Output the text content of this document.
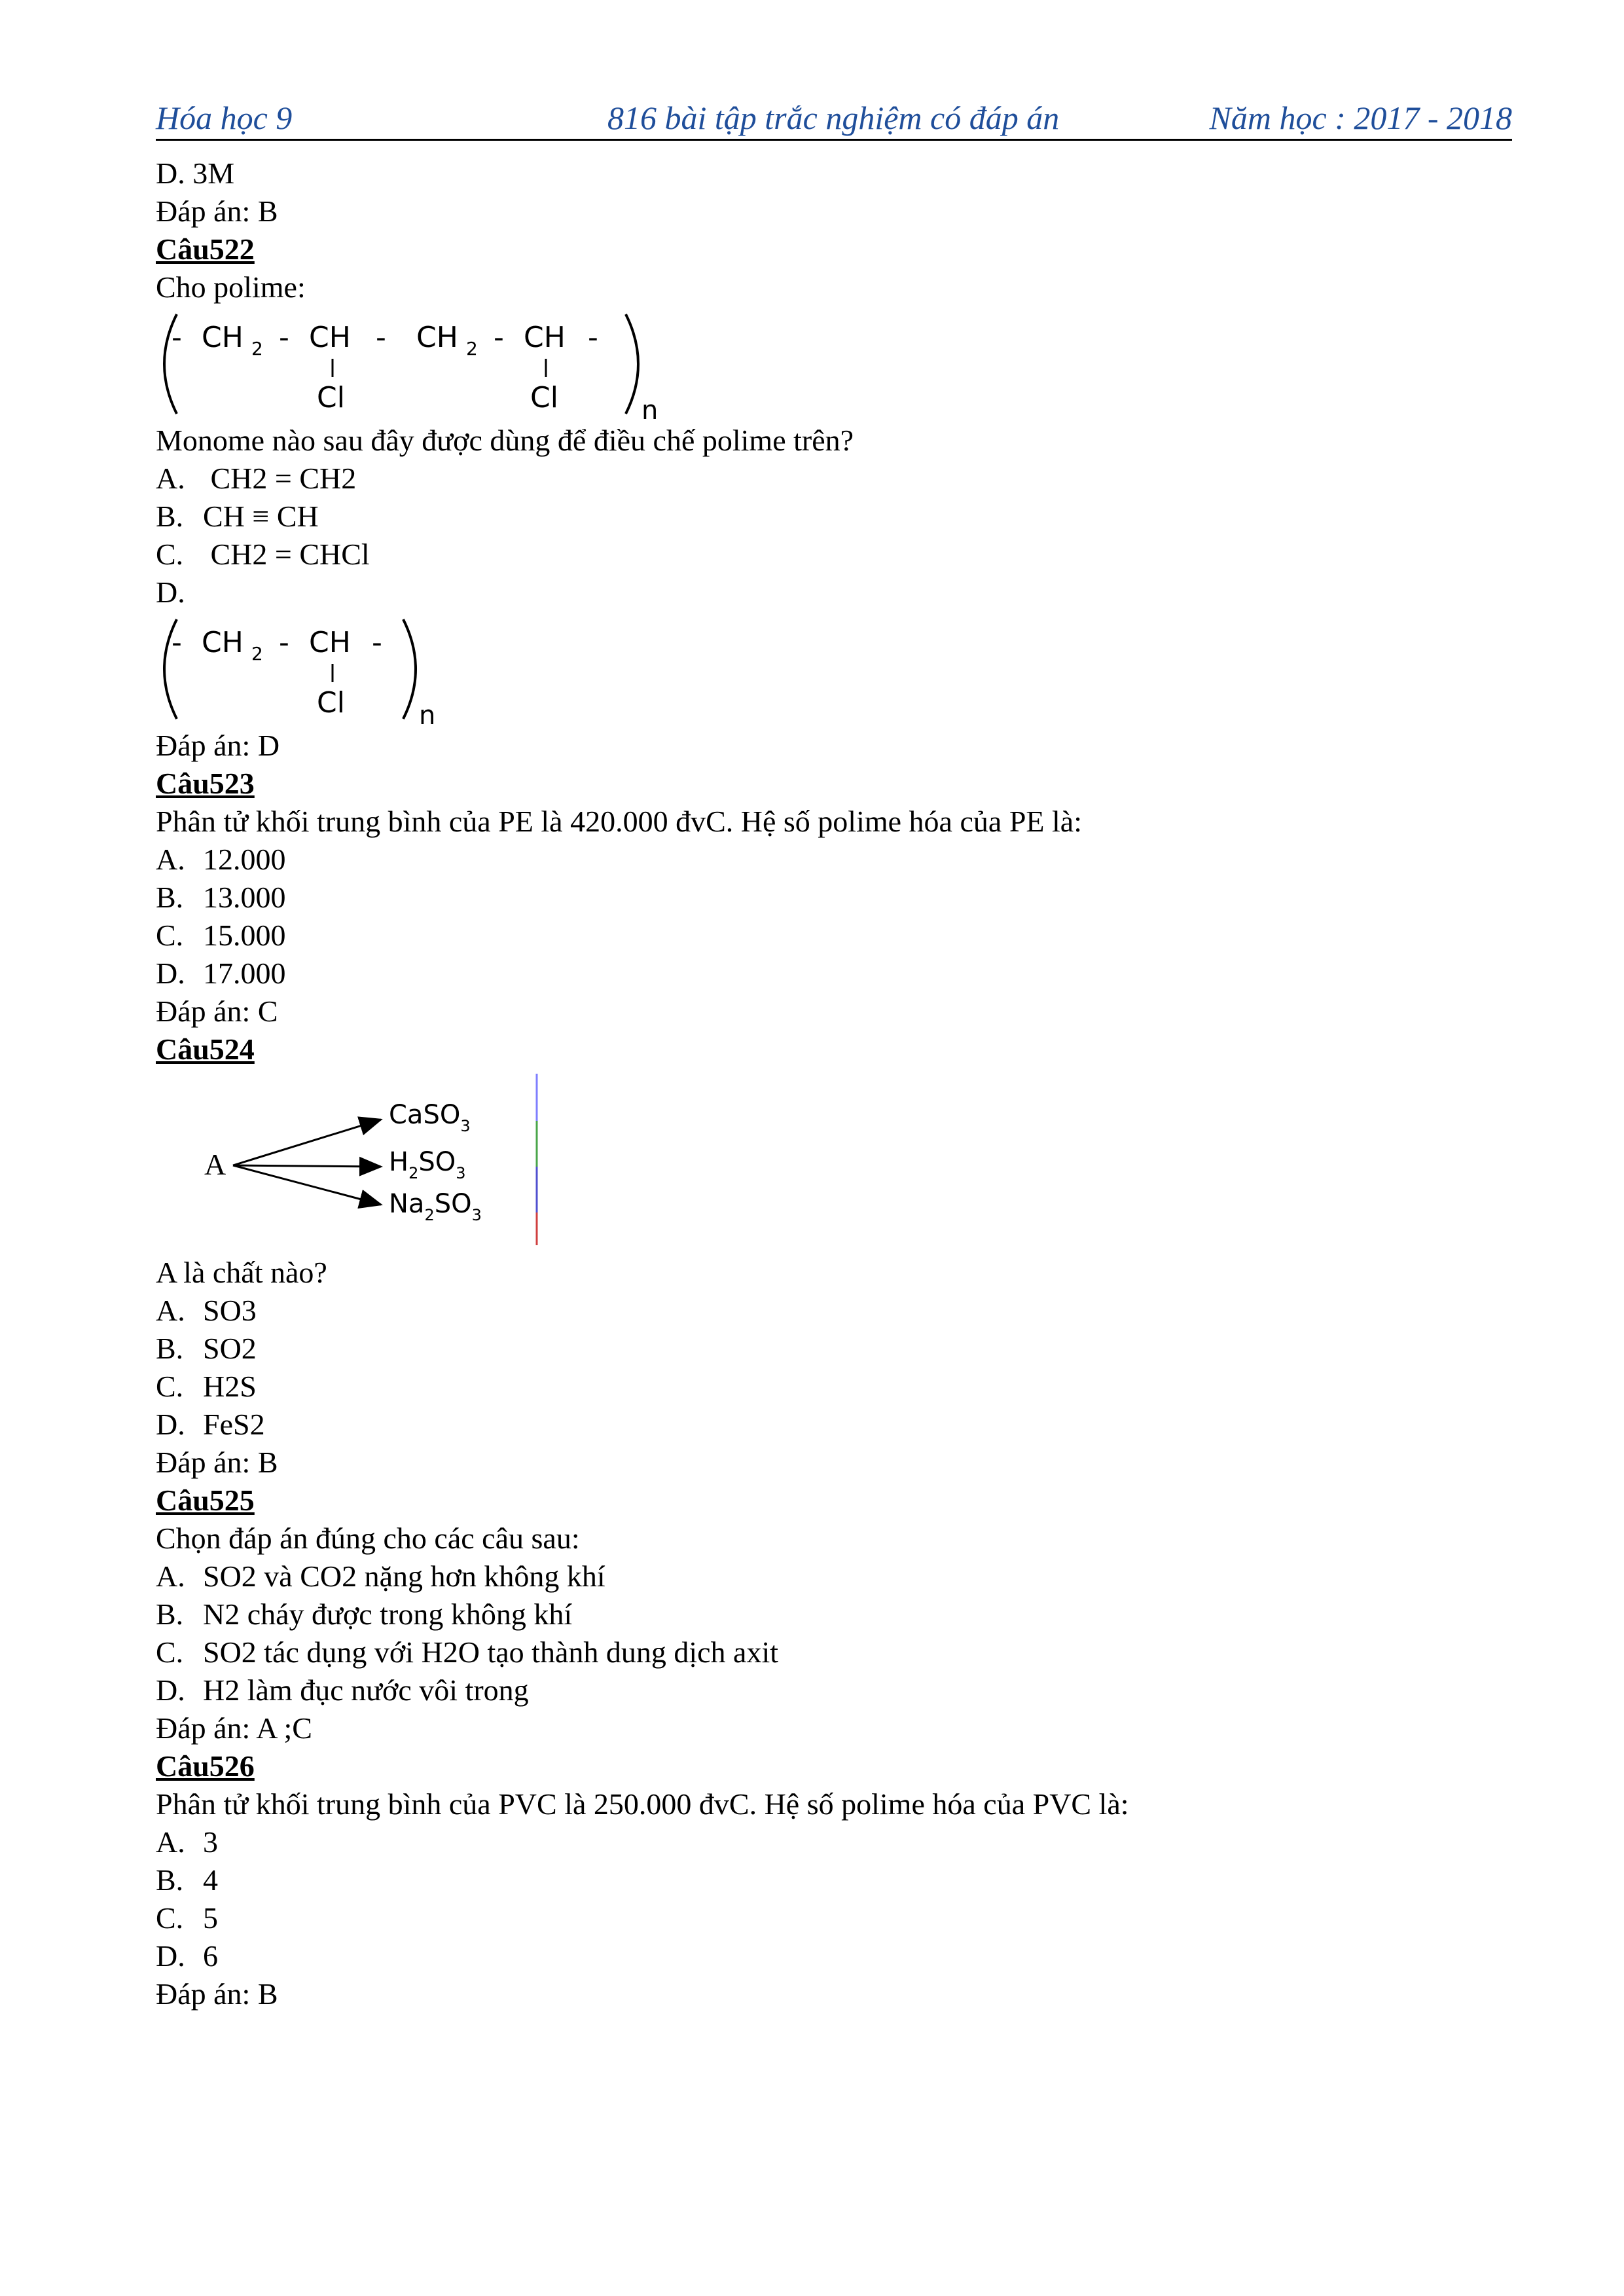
Hóa học 9	816 bài tập trắc nghiệm có đáp án	Năm học : 2017 - 2018
D. 3M
Đáp án: B
Câu522
Cho polime:
- CH 2 - CH - CH 2 - CH -
Cl	Cl	n
Monome nào sau đây được dùng để điều chế polime trên?
A. CH2 = CH2
B. CH ≡ CH
C. CH2 = CHCl
D.
- CH 2 - CH -
Cl	n
Đáp án: D
Câu523
Phân tử khối trung bình của PE là 420.000 đvC. Hệ số polime hóa của PE là:
A. 12.000
B. 13.000
C. 15.000
D. 17.000
Đáp án: C
Câu524
A
CaSO$_3$
$H_2SO_3$
$Na_2SO_3$
A là chất nào?
A. SO3
B. SO2
C. H2S
D. FeS2
Đáp án: B
Câu525
Chọn đáp án đúng cho các câu sau:
A. SO2 và CO2 nặng hơn không khí
B. N2 cháy được trong không khí
C. SO2 tác dụng với H2O tạo thành dung dịch axit
D. H2 làm đục nước vôi trong
Đáp án: A ;C
Câu526
Phân tử khối trung bình của PVC là 250.000 đvC. Hệ số polime hóa của PVC là:
A. 3
B. 4
C. 5
D. 6
Đáp án: B
